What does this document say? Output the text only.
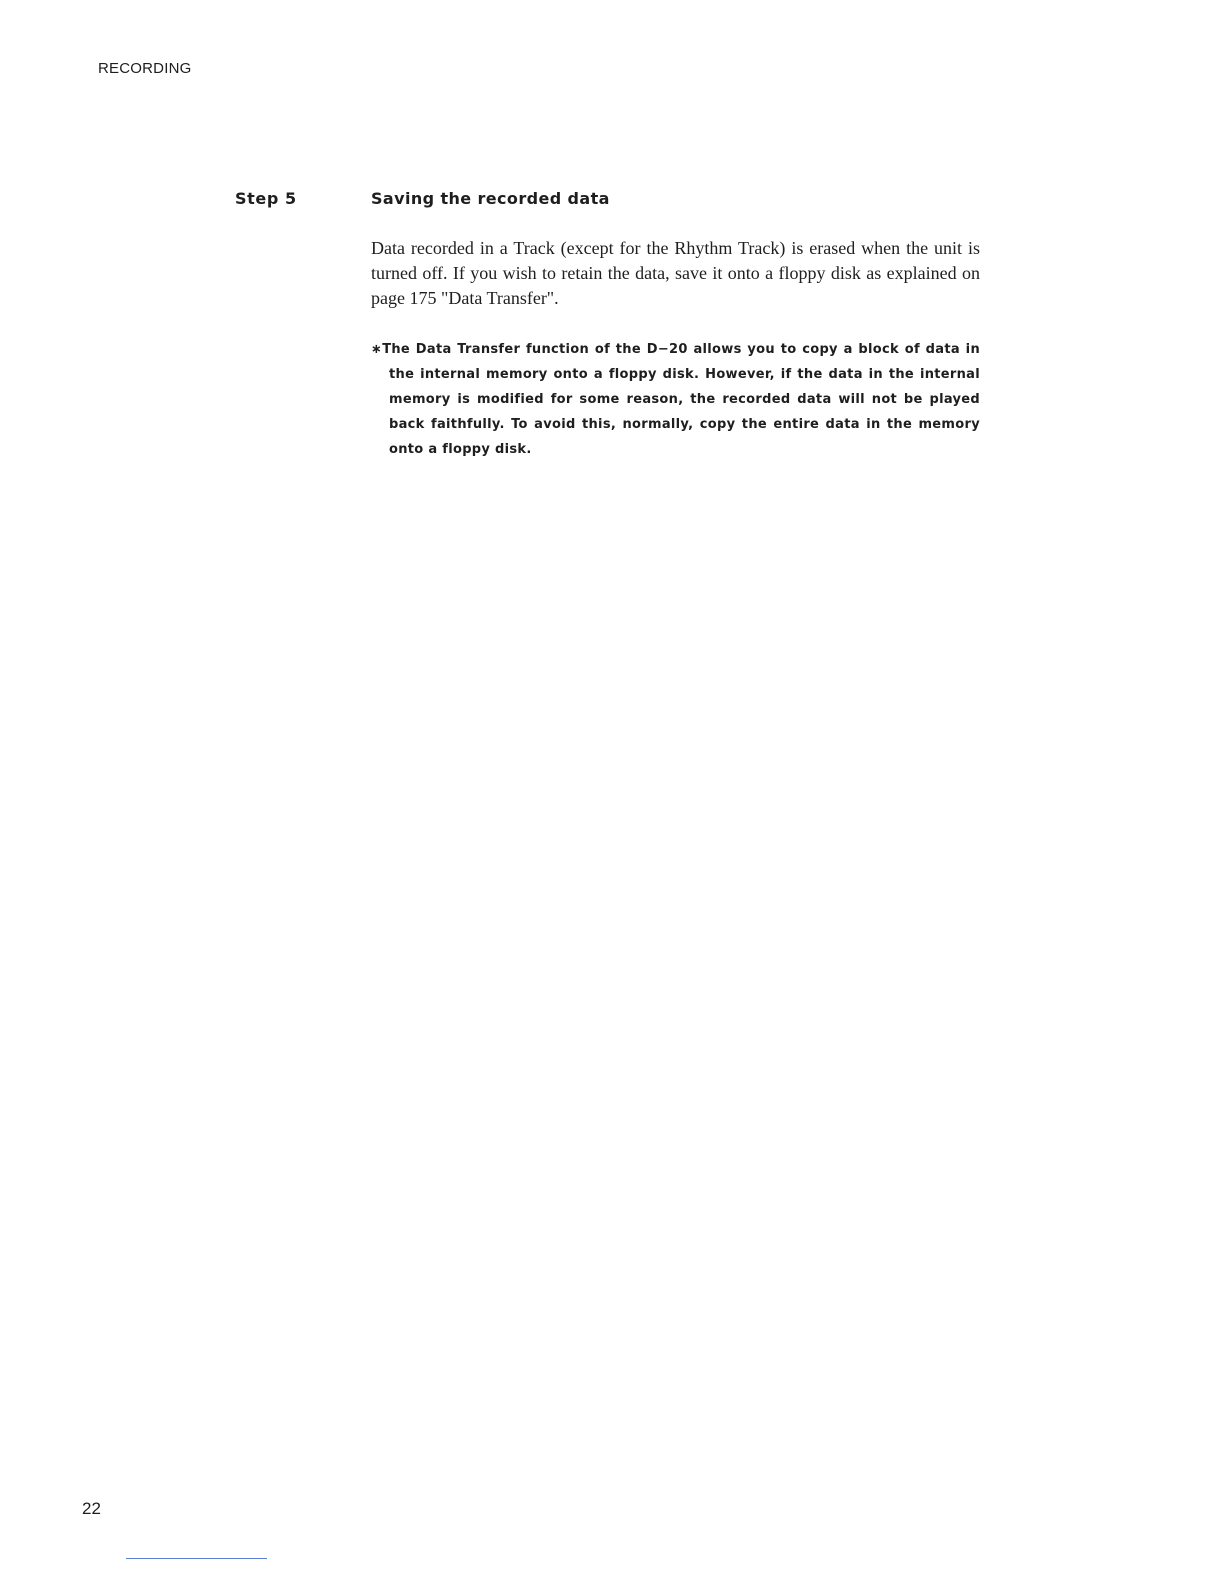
RECORDING
Step 5	Saving the recorded data

Data recorded in a Track (except for the Rhythm Track) is erased when the unit is turned off. If you wish to retain the data, save it onto a floppy disk as explained on page 175 "Data Transfer".

∗The Data Transfer function of the D−20 allows you to copy a block of data in the internal memory onto a floppy disk. However, if the data in the internal memory is modified for some reason, the recorded data will not be played back faithfully. To avoid this, normally, copy the entire data in the memory onto a floppy disk.

22
